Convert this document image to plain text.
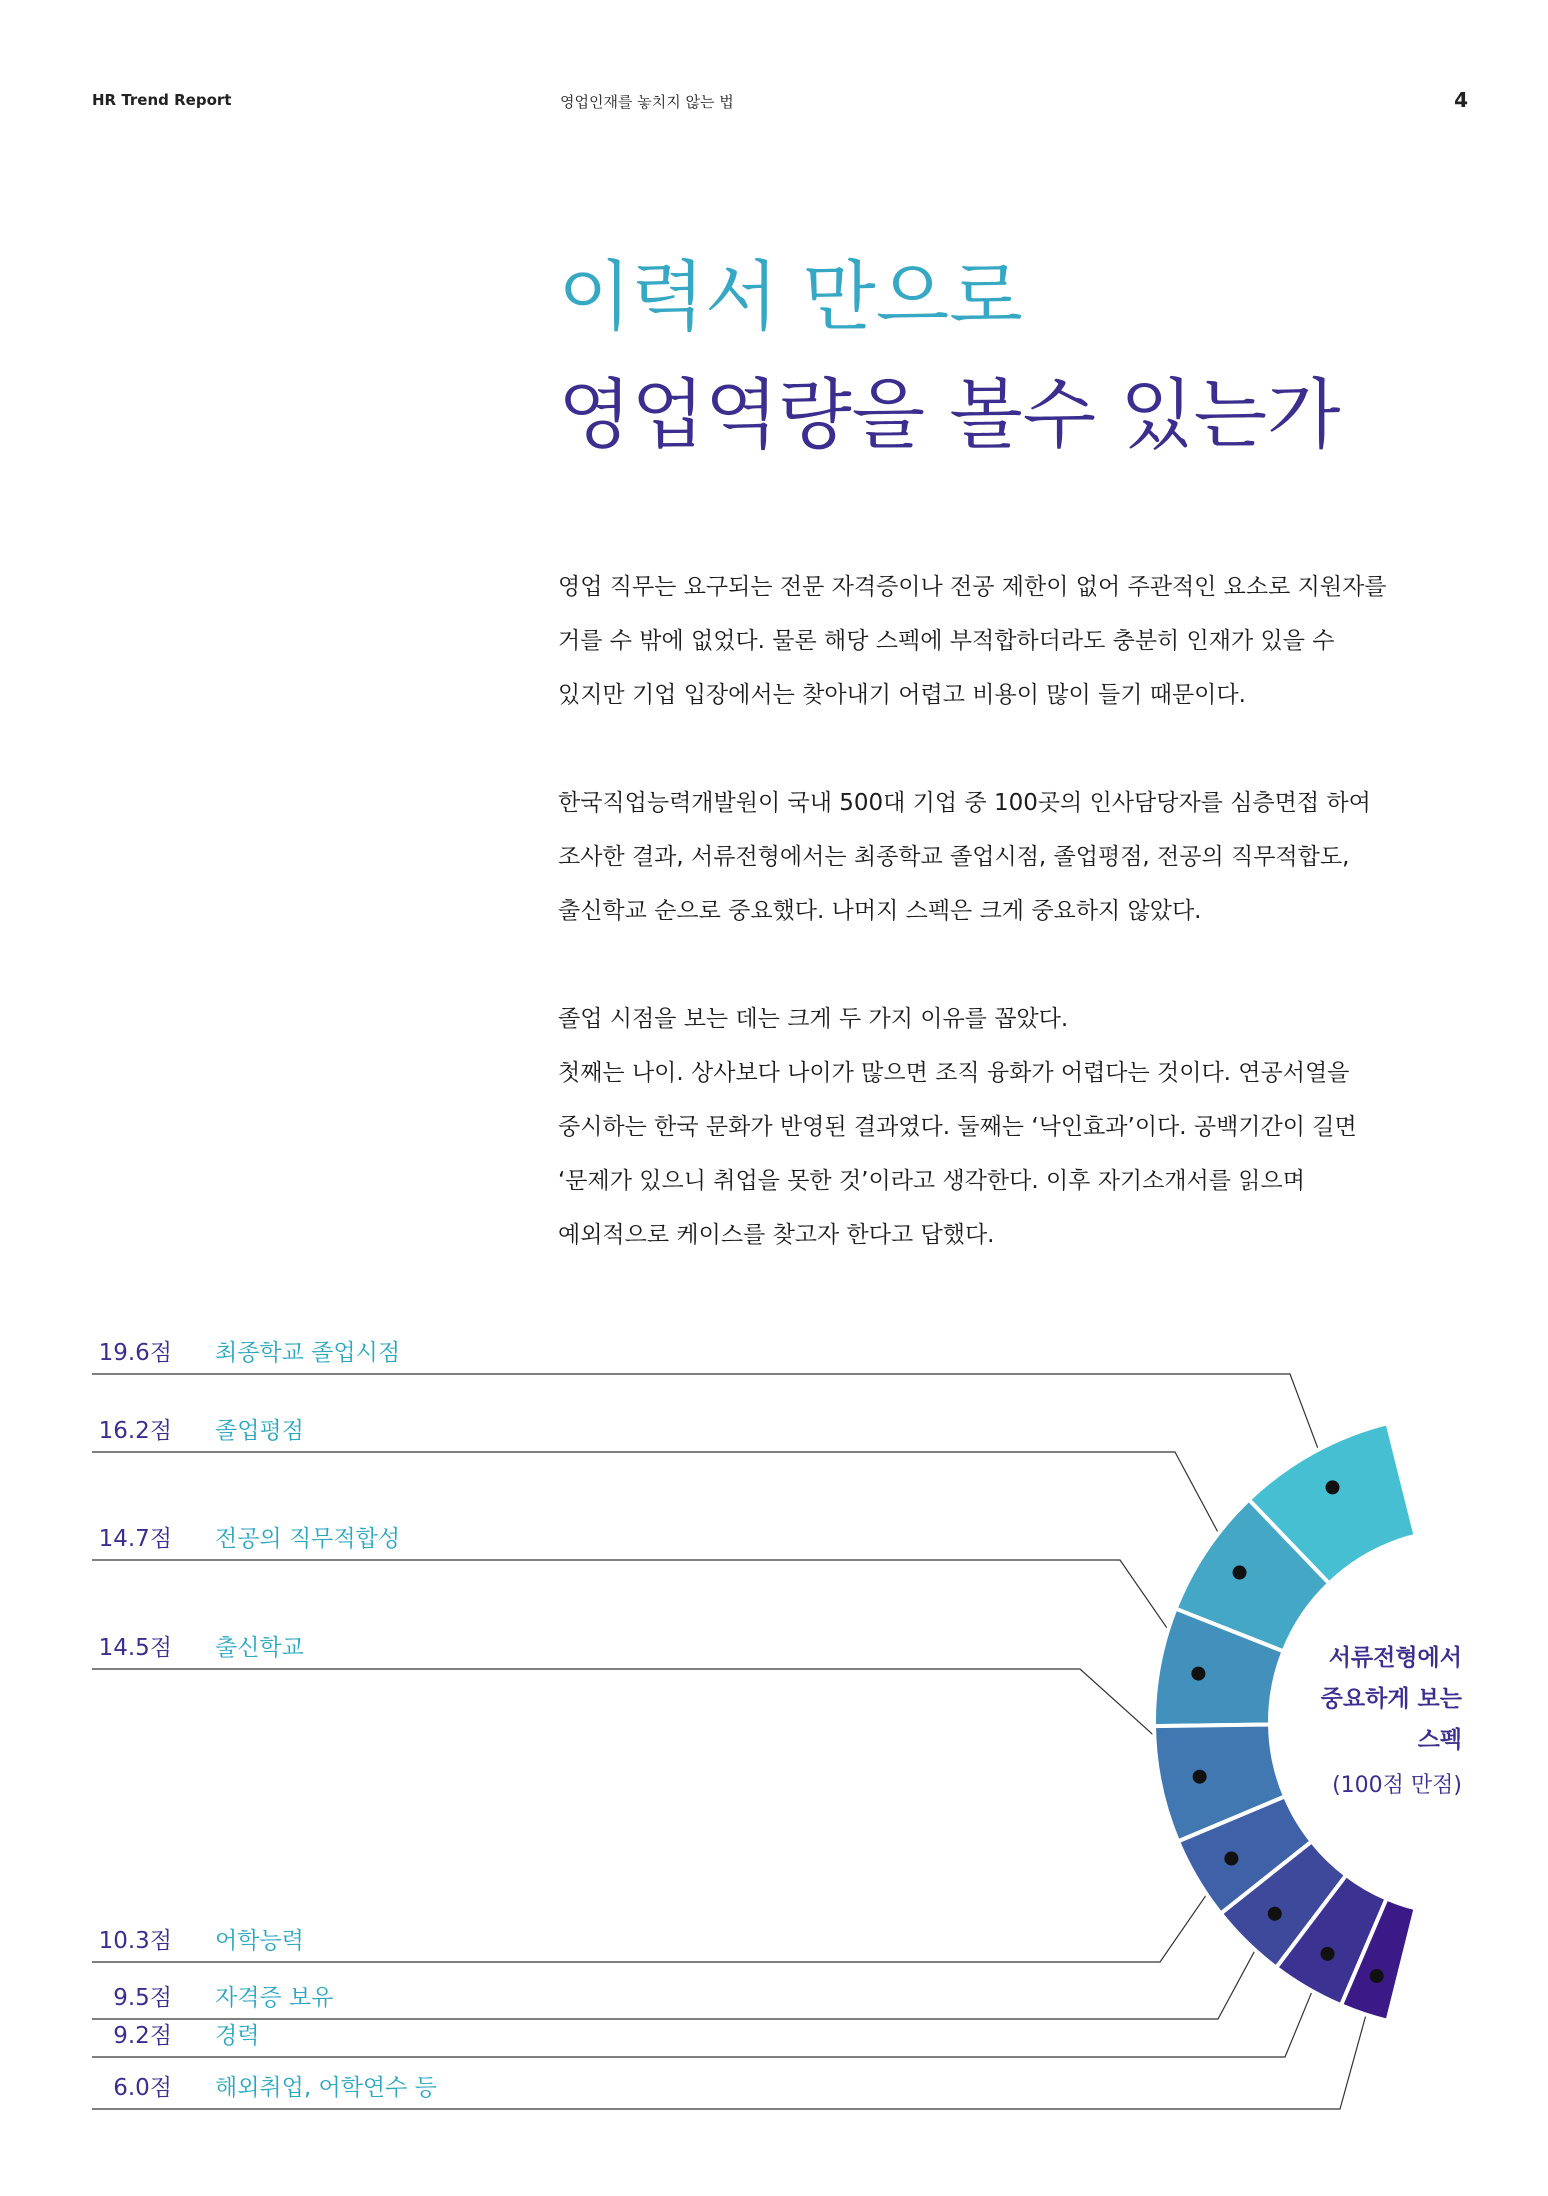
HR Trend Report	영업인재를 놓치지 않는 법	4
이력서 만으로
영업역량을 볼수 있는가

영업 직무는 요구되는 전문 자격증이나 전공 제한이 없어 주관적인 요소로 지원자를
거를 수 밖에 없었다. 물론 해당 스펙에 부적합하더라도 충분히 인재가 있을 수
있지만 기업 입장에서는 찾아내기 어렵고 비용이 많이 들기 때문이다.

한국직업능력개발원이 국내 500대 기업 중 100곳의 인사담당자를 심층면접 하여
조사한 결과, 서류전형에서는 최종학교 졸업시점, 졸업평점, 전공의 직무적합도,
출신학교 순으로 중요했다. 나머지 스펙은 크게 중요하지 않았다.

졸업 시점을 보는 데는 크게 두 가지 이유를 꼽았다.
첫째는 나이. 상사보다 나이가 많으면 조직 융화가 어렵다는 것이다. 연공서열을
중시하는 한국 문화가 반영된 결과였다. 둘째는 ‘낙인효과’이다. 공백기간이 길면
‘문제가 있으니 취업을 못한 것’이라고 생각한다. 이후 자기소개서를 읽으며
예외적으로 케이스를 찾고자 한다고 답했다.

19.6점 최종학교 졸업시점
16.2점 졸업평점
14.7점 전공의 직무적합성
14.5점 출신학교
10.3점 어학능력
9.5점 자격증 보유
9.2점 경력
6.0점 해외취업, 어학연수 등
서류전형에서
중요하게 보는
스펙
(100점 만점)
